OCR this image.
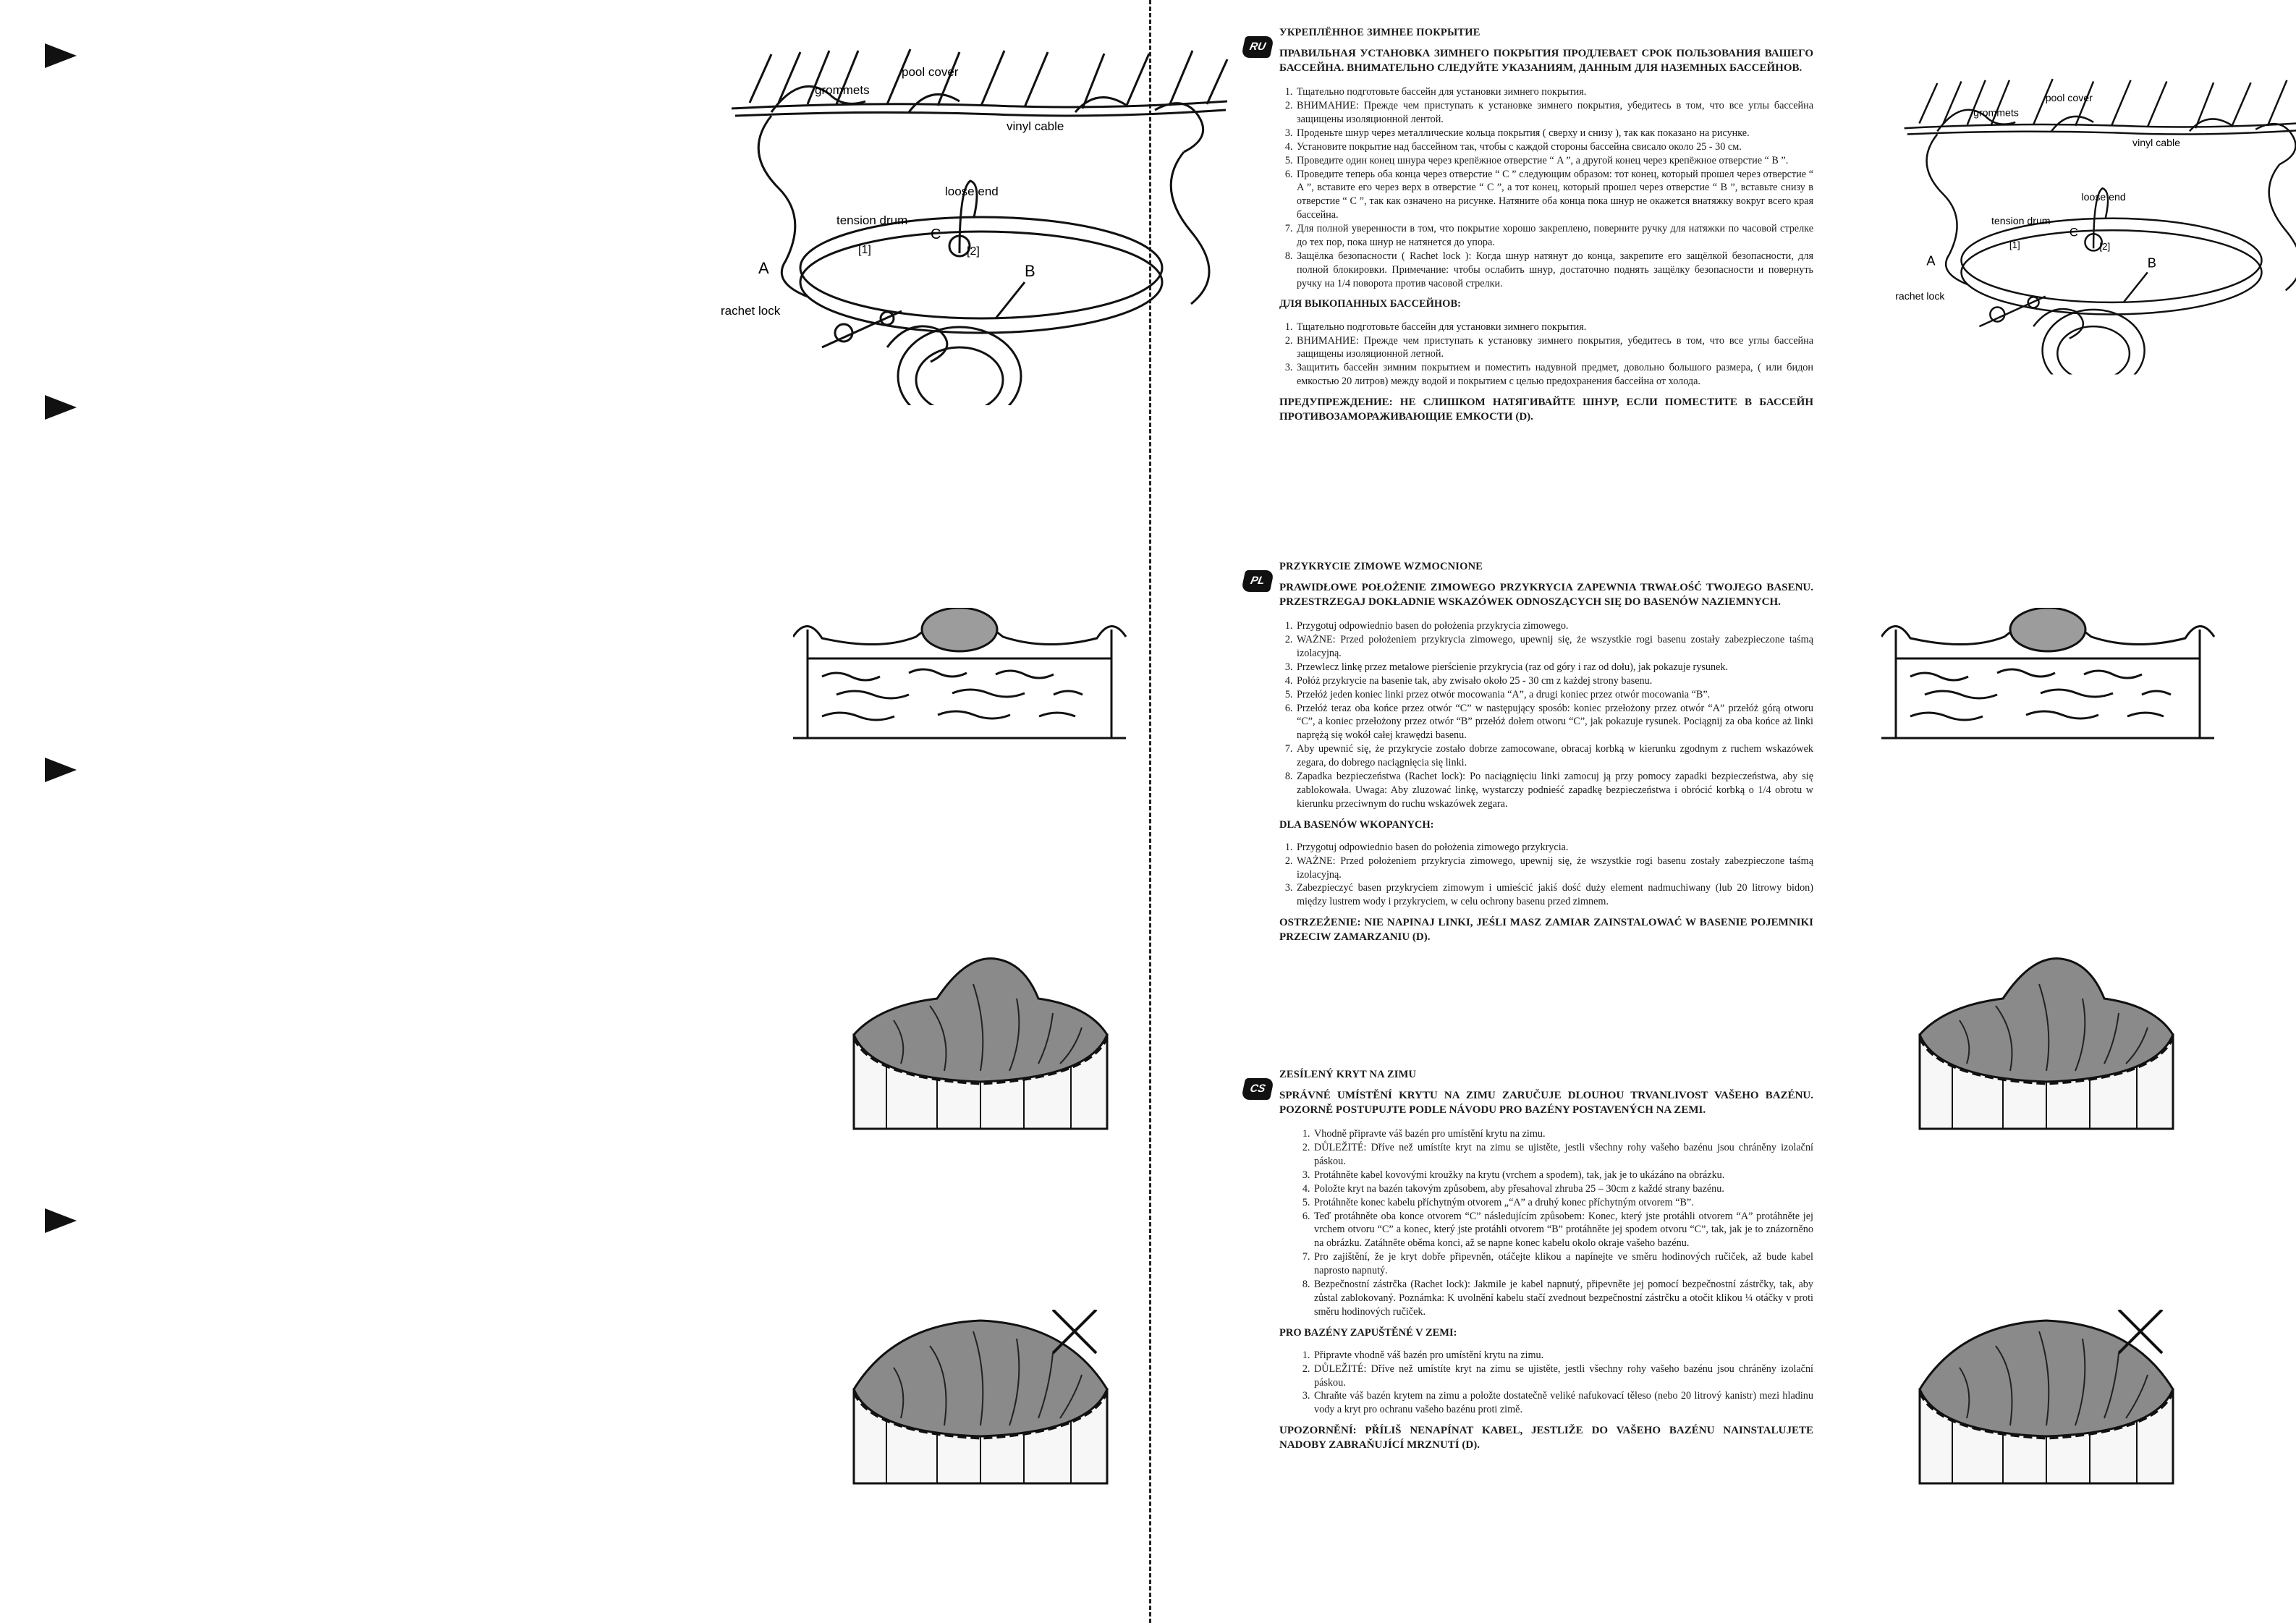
pool cover
grommets
vinyl cable
loose end
tension drum
rachet lock
A	B
C
[1]	[2]
pool cover
grommets
vinyl cable
loose end
tension drum
rachet lock
A	B
C
[1]	[2]
RU
УКРЕПЛЁННОЕ ЗИМНЕЕ ПОКРЫТИЕ
ПРАВИЛЬНАЯ УСТАНОВКА ЗИМНЕГО ПОКРЫТИЯ ПРОДЛЕВАЕТ СРОК ПОЛЬЗОВАНИЯ ВАШЕГО БАССЕЙНА. ВНИМАТЕЛЬНО СЛЕДУЙТЕ УКАЗАНИЯМ, ДАННЫМ ДЛЯ НАЗЕМНЫХ БАССЕЙНОВ.
1. Тщательно подготовьте бассейн для установки зимнего покрытия.
2. ВНИМАНИЕ: Прежде чем приступать к установке зимнего покрытия, убедитесь в том, что все углы бассейна защищены изоляционной лентой.
3. Проденьте шнур через металлические кольца покрытия ( сверху и снизу ), так как показано на рисунке.
4. Установите покрытие над бассейном так, чтобы с каждой стороны бассейна свисало около 25 - 30 см.
5. Проведите один конец шнура через крепёжное отверстие “ A ”, а другой конец через крепёжное отверстие “ B ”.
6. Проведите теперь оба конца через отверстие “ C ” следующим образом: тот конец, который прошел через отверстие “ A ”, вставите его через верх в отверстие “ C ”, а тот конец, который прошел через отверстие “ B ”, вставьте снизу в отверстие “ C ”, так как означено на рисунке. Натяните оба конца пока шнур не окажется внатяжку вокруг всего края бассейна.
7. Для полной уверенности в том, что покрытие хорошо закреплено, поверните ручку для натяжки по часовой стрелке до тех пор, пока шнур не натянется до упора.
8. Защёлка безопасности ( Rachet lock ): Когда шнур натянут до конца, закрепите его защёлкой безопасности, для полной блокировки. Примечание: чтобы ослабить шнур, достаточно поднять защёлку безопасности и повернуть ручку на 1/4 поворота против часовой стрелки.
ДЛЯ ВЫКОПАННЫХ БАССЕЙНОВ:
1. Тщательно подготовьте бассейн для установки зимнего покрытия.
2. ВНИМАНИЕ: Прежде чем приступать к установку зимнего покрытия, убедитесь в том, что все углы бассейна защищены изоляционной летной.
3. Защитить бассейн зимним покрытием и поместить надувной предмет, довольно большого размера, ( или бидон емкостью 20 литров) между водой и покрытием с целью предохранения бассейна от холода.
ПРЕДУПРЕЖДЕНИЕ: НЕ СЛИШКОМ НАТЯГИВАЙТЕ ШНУР, ЕСЛИ ПОМЕСТИТЕ В БАССЕЙН ПРОТИВОЗАМОРАЖИВАЮЩИЕ ЕМКОСТИ (D).
PL
PRZYKRYCIE ZIMOWE WZMOCNIONE
PRAWIDŁOWE POŁOŻENIE ZIMOWEGO PRZYKRYCIA ZAPEWNIA TRWAŁOŚĆ TWOJEGO BASENU. PRZESTRZEGAJ DOKŁADNIE WSKAZÓWEK ODNOSZĄCYCH SIĘ DO BASENÓW NAZIEMNYCH.
1. Przygotuj odpowiednio basen do położenia przykrycia zimowego.
2. WAŻNE: Przed położeniem przykrycia zimowego, upewnij się, że wszystkie rogi basenu zostały zabezpieczone taśmą izolacyjną.
3. Przewleсz linkę przez metalowe pierścienie przykrycia (raz od góry i raz od dołu), jak pokazuje rysunek.
4. Połóż przykrycie na basenie tak, aby zwisało około 25 - 30 cm z każdej strony basenu.
5. Przełóż jeden koniec linki przez otwór mocowania “A”, a drugi koniec przez otwór mocowania “B”.
6. Przełóż teraz oba końce przez otwór “C” w następujący sposób: koniec przełożony przez otwór “A” przełóż górą otworu “C”, a koniec przełożony przez otwór “B” przełóż dołem otworu “C”, jak pokazuje rysunek. Pociągnij za oba końce aż linki naprężą się wokół całej krawędzi basenu.
7. Aby upewnić się, że przykrycie zostało dobrze zamocowane, obracaj korbką w kierunku zgodnym z ruchem wskazówek zegara, do dobrego naciągnięcia się linki.
8. Zapadka bezpieczeństwa (Rachet lock): Po naciągnięciu linki zamocuj ją przy pomocy zapadki bezpieczeństwa, aby się zablokowała. Uwaga: Aby zluzować linkę, wystarczy podnieść zapadkę bezpieczeństwa i obrócić korbką o 1/4 obrotu w kierunku przeciwnym do ruchu wskazówek zegara.
DLA BASENÓW WKOPANYCH:
1. Przygotuj odpowiednio basen do położenia zimowego przykrycia.
2. WAŻNE: Przed położeniem przykrycia zimowego, upewnij się, że wszystkie rogi basenu zostały zabezpieczone taśmą izolacyjną.
3. Zabezpieczyć basen przykryciem zimowym i umieścić jakiś dość duży element nadmuchiwany (lub 20 litrowy bidon) między lustrem wody i przykryciem, w celu ochrony basenu przed zimnem.
OSTRZEŻENIE: NIE NAPINAJ LINKI, JEŚLI MASZ ZAMIAR ZAINSTALOWAĆ W BASENIE POJEMNIKI PRZECIW ZAMARZANIU (D).
CS
ZESÍLENÝ KRYT NA ZIMU
SPRÁVNÉ UMÍSTĚNÍ KRYTU NA ZIMU ZARUČUJE DLOUHOU TRVANLIVOST VAŠEHO BAZÉNU. POZORNĚ POSTUPUJTE PODLE NÁVODU PRO BAZÉNY POSTAVENÝCH NA ZEMI.
1. Vhodně připravte váš bazén pro umístění krytu na zimu.
2. DŮLEŽITÉ: Dříve než umístíte kryt na zimu se ujistěte, jestli všechny rohy vašeho bazénu jsou chráněny izolační páskou.
3. Protáhněte kabel kovovými kroužky na krytu (vrchem a spodem), tak, jak je to ukázáno na obrázku.
4. Položte kryt na bazén takovým způsobem, aby přesahoval zhruba 25 – 30cm z každé strany bazénu.
5. Protáhněte konec kabelu příchytným otvorem „“A” a druhý konec příchytným otvorem “B”.
6. Teď protáhněte oba konce otvorem “C” následujícím způsobem: Konec, který jste protáhli otvorem “A” protáhněte jej vrchem otvoru “C” a konec, který jste protáhli otvorem “B” protáhněte jej spodem otvoru “C”, tak, jak je to znázorněno na obrázku. Zatáhněte oběma konci, až se napne konec kabelu okolo okraje vašeho bazénu.
7. Pro zajištění, že je kryt dobře připevněn, otáčejte klikou a napínejte ve směru hodinových ručiček, až bude kabel naprosto napnutý.
8. Bezpečnostní zástrčka (Rachet lock): Jakmile je kabel napnutý, připevněte jej pomocí bezpečnostní zástrčky, tak, aby zůstal zablokovaný. Poznámka: K uvolnění kabelu stačí zvednout bezpečnostní zástrčku a otočit klikou ¼ otáčky v proti směru hodinových ručiček.
PRO BAZÉNY ZAPUŠTĚNÉ V ZEMI:
1. Připravte vhodně váš bazén pro umístění krytu na zimu.
2. DŮLEŽITÉ: Dříve než umístíte kryt na zimu se ujistěte, jestli všechny rohy vašeho bazénu jsou chráněny izolační páskou.
3. Chraňte váš bazén krytem na zimu a položte dostatečně veliké nafukovací těleso (nebo 20 litrový kanistr) mezi hladinu vody a kryt pro ochranu vašeho bazénu proti zimě.
UPOZORNĚNÍ: PŘÍLIŠ NENAPÍNAT KABEL, JESTLIŽE DO VAŠEHO BAZÉNU NAINSTALUJETE NADOBY ZABRAŇUJÍCÍ MRZNUTÍ (D).
